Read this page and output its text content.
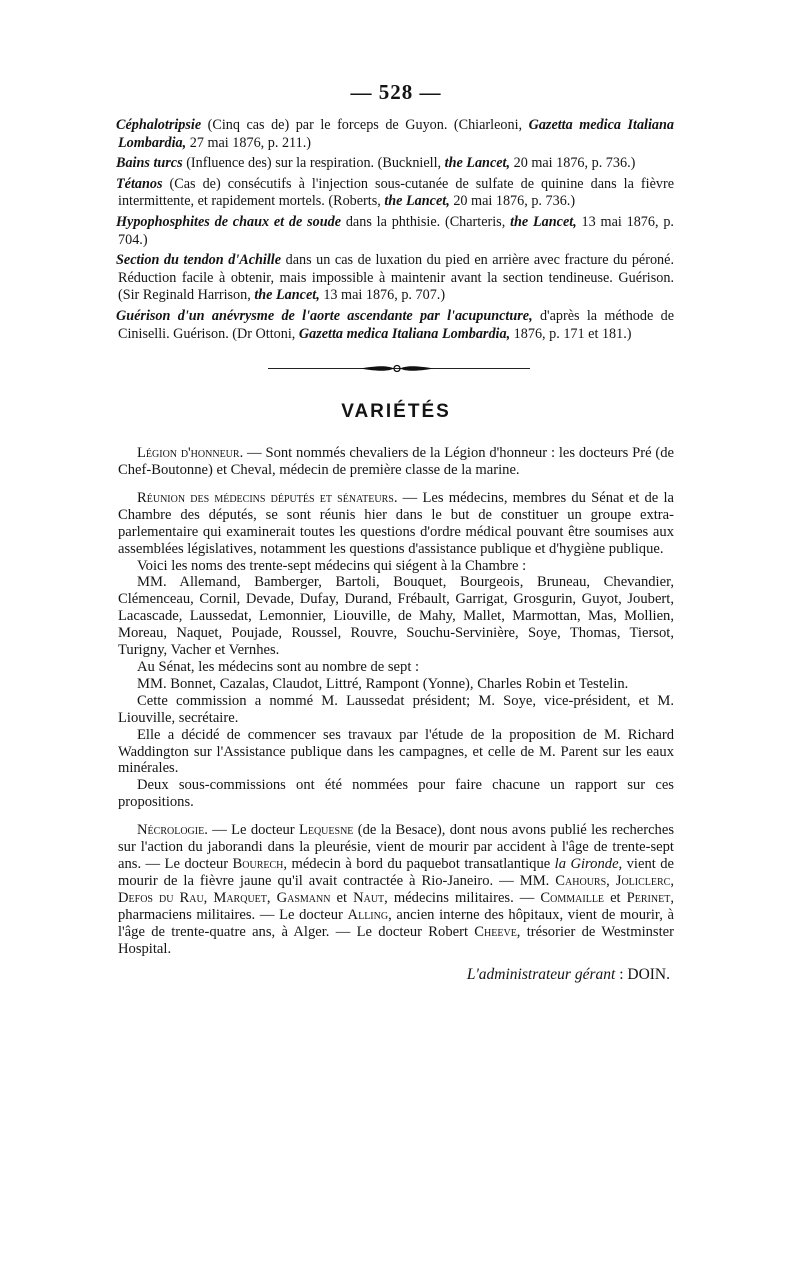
— 528 —

Céphalotripsie (Cinq cas de) par le forceps de Guyon. (Chiarleoni, Gazetta medica Italiana Lombardia, 27 mai 1876, p. 211.)

Bains turcs (Influence des) sur la respiration. (Buckniell, the Lancet, 20 mai 1876, p. 736.)

Tétanos (Cas de) consécutifs à l'injection sous-cutanée de sulfate de quinine dans la fièvre intermittente, et rapidement mortels. (Roberts, the Lancet, 20 mai 1876, p. 736.)

Hypophosphites de chaux et de soude dans la phthisie. (Charteris, the Lancet, 13 mai 1876, p. 704.)

Section du tendon d'Achille dans un cas de luxation du pied en arrière avec fracture du péroné. Réduction facile à obtenir, mais impossible à maintenir avant la section tendineuse. Guérison. (Sir Reginald Harrison, the Lancet, 13 mai 1876, p. 707.)

Guérison d'un anévrysme de l'aorte ascendante par l'acupuncture, d'après la méthode de Ciniselli. Guérison. (Dr Ottoni, Gazetta medica Italiana Lombardia, 1876, p. 171 et 181.)

VARIÉTÉS

Légion d'honneur. — Sont nommés chevaliers de la Légion d'honneur : les docteurs Pré (de Chef-Boutonne) et Cheval, médecin de première classe de la marine.

Réunion des médecins députés et sénateurs. — Les médecins, membres du Sénat et de la Chambre des députés, se sont réunis hier dans le but de constituer un groupe extra-parlementaire qui examinerait toutes les questions d'ordre médical pouvant être soumises aux assemblées législatives, notamment les questions d'assistance publique et d'hygiène publique.

Voici les noms des trente-sept médecins qui siégent à la Chambre :

MM. Allemand, Bamberger, Bartoli, Bouquet, Bourgeois, Bruneau, Chevandier, Clémenceau, Cornil, Devade, Dufay, Durand, Frébault, Garrigat, Grosgurin, Guyot, Joubert, Lacascade, Laussedat, Lemonnier, Liouville, de Mahy, Mallet, Marmottan, Mas, Mollien, Moreau, Naquet, Poujade, Roussel, Rouvre, Souchu-Servinière, Soye, Thomas, Tiersot, Turigny, Vacher et Vernhes.

Au Sénat, les médecins sont au nombre de sept :

MM. Bonnet, Cazalas, Claudot, Littré, Rampont (Yonne), Charles Robin et Testelin.

Cette commission a nommé M. Laussedat président; M. Soye, vice-président, et M. Liouville, secrétaire.

Elle a décidé de commencer ses travaux par l'étude de la proposition de M. Richard Waddington sur l'Assistance publique dans les campagnes, et celle de M. Parent sur les eaux minérales.

Deux sous-commissions ont été nommées pour faire chacune un rapport sur ces propositions.

Nécrologie. — Le docteur Lequesne (de la Besace), dont nous avons publié les recherches sur l'action du jaborandi dans la pleurésie, vient de mourir par accident à l'âge de trente-sept ans. — Le docteur Bourech, médecin à bord du paquebot transatlantique la Gironde, vient de mourir de la fièvre jaune qu'il avait contractée à Rio-Janeiro. — MM. Cahours, Joliclerc, Defos du Rau, Marquet, Gasmann et Naut, médecins militaires. — Commaille et Perinet, pharmaciens militaires. — Le docteur Alling, ancien interne des hôpitaux, vient de mourir, à l'âge de trente-quatre ans, à Alger. — Le docteur Robert Cheeve, trésorier de Westminster Hospital.

L'administrateur gérant : DOIN.
